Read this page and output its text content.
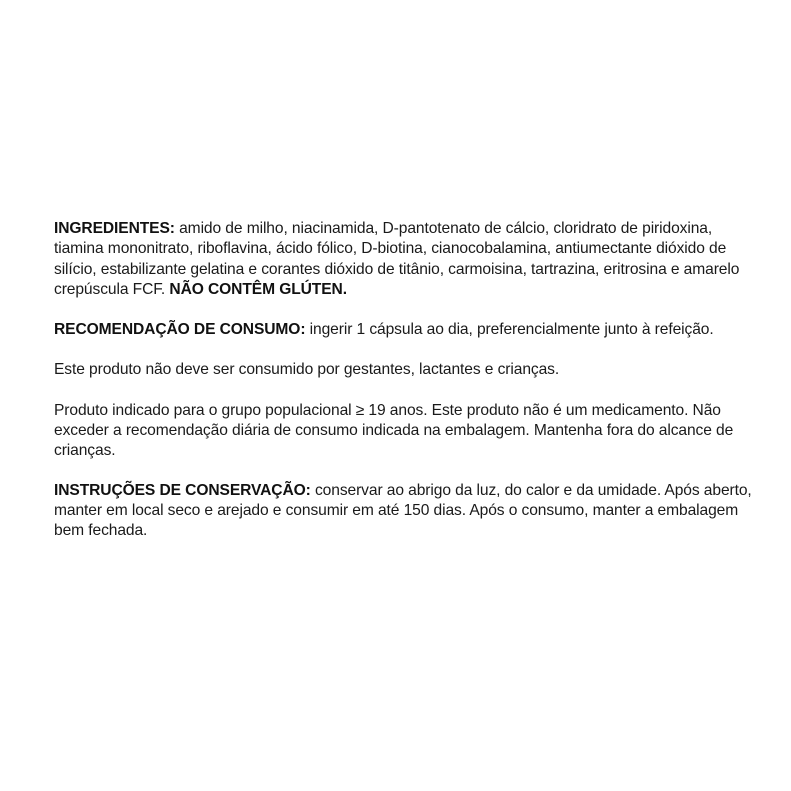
INGREDIENTES: amido de milho, niacinamida, D-pantotenato de cálcio, cloridrato de piridoxina, tiamina mononitrato, riboflavina, ácido fólico, D-biotina, cianocobalamina, antiumectante dióxido de silício, estabilizante gelatina e corantes dióxido de titânio, carmoisina, tartrazina, eritrosina e amarelo crepúscula FCF. NÃO CONTÊM GLÚTEN.

RECOMENDAÇÃO DE CONSUMO: ingerir 1 cápsula ao dia, preferencialmente junto à refeição.

Este produto não deve ser consumido por gestantes, lactantes e crianças.

Produto indicado para o grupo populacional ≥ 19 anos. Este produto não é um medicamento. Não exceder a recomendação diária de consumo indicada na embalagem. Mantenha fora do alcance de crianças.

INSTRUÇÕES DE CONSERVAÇÃO: conservar ao abrigo da luz, do calor e da umidade. Após aberto, manter em local seco e arejado e consumir em até 150 dias. Após o consumo, manter a embalagem bem fechada.
